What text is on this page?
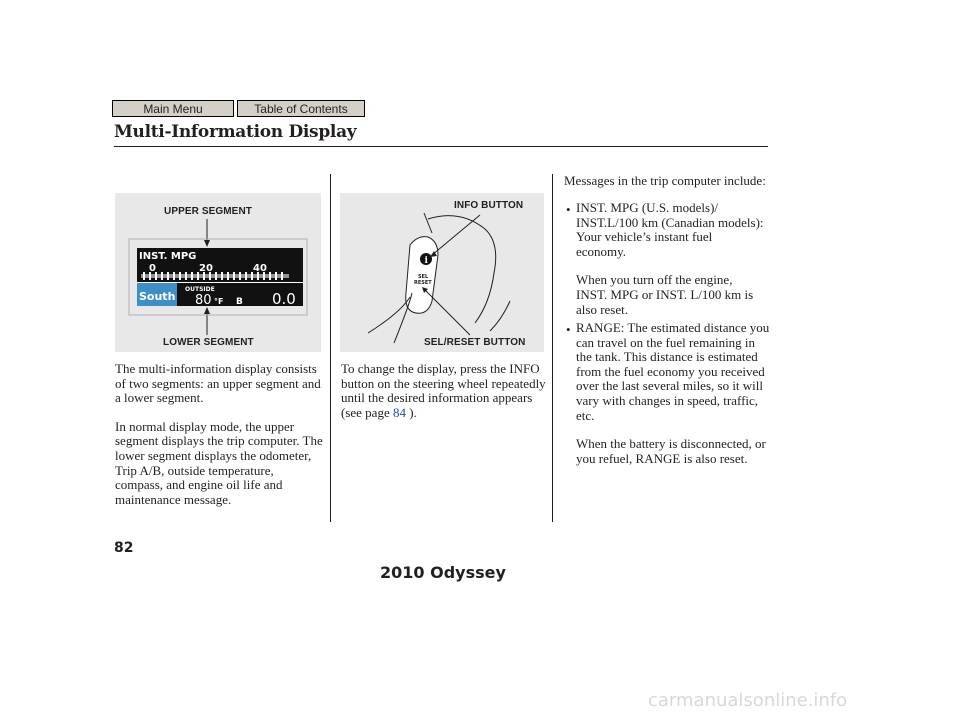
Main Menu	Table of Contents
Multi-Information Display
UPPER SEGMENT
LOWER SEGMENT
INST. MPG
0	20	40
OUTSIDE
South 80 °F B 0.0
i
SEL RESET
INFO BUTTON
SEL/RESET BUTTON

The multi-information display consists of two segments: an upper segment and a lower segment.

In normal display mode, the upper segment displays the trip computer. The lower segment displays the odometer, Trip A/B, outside temperature, compass, and engine oil life and maintenance message.

To change the display, press the INFO button on the steering wheel repeatedly until the desired information appears (see page 84 ).

Messages in the trip computer include:
• INST. MPG (U.S. models)/ INST.L/100 km (Canadian models): Your vehicle’s instant fuel economy.

When you turn off the engine, INST. MPG or INST. L/100 km is also reset.

• RANGE: The estimated distance you can travel on the fuel remaining in the tank. This distance is estimated from the fuel economy you received over the last several miles, so it will vary with changes in speed, traffic, etc.

When the battery is disconnected, or you refuel, RANGE is also reset.

82
2010 Odyssey
carmanualsonline.info
